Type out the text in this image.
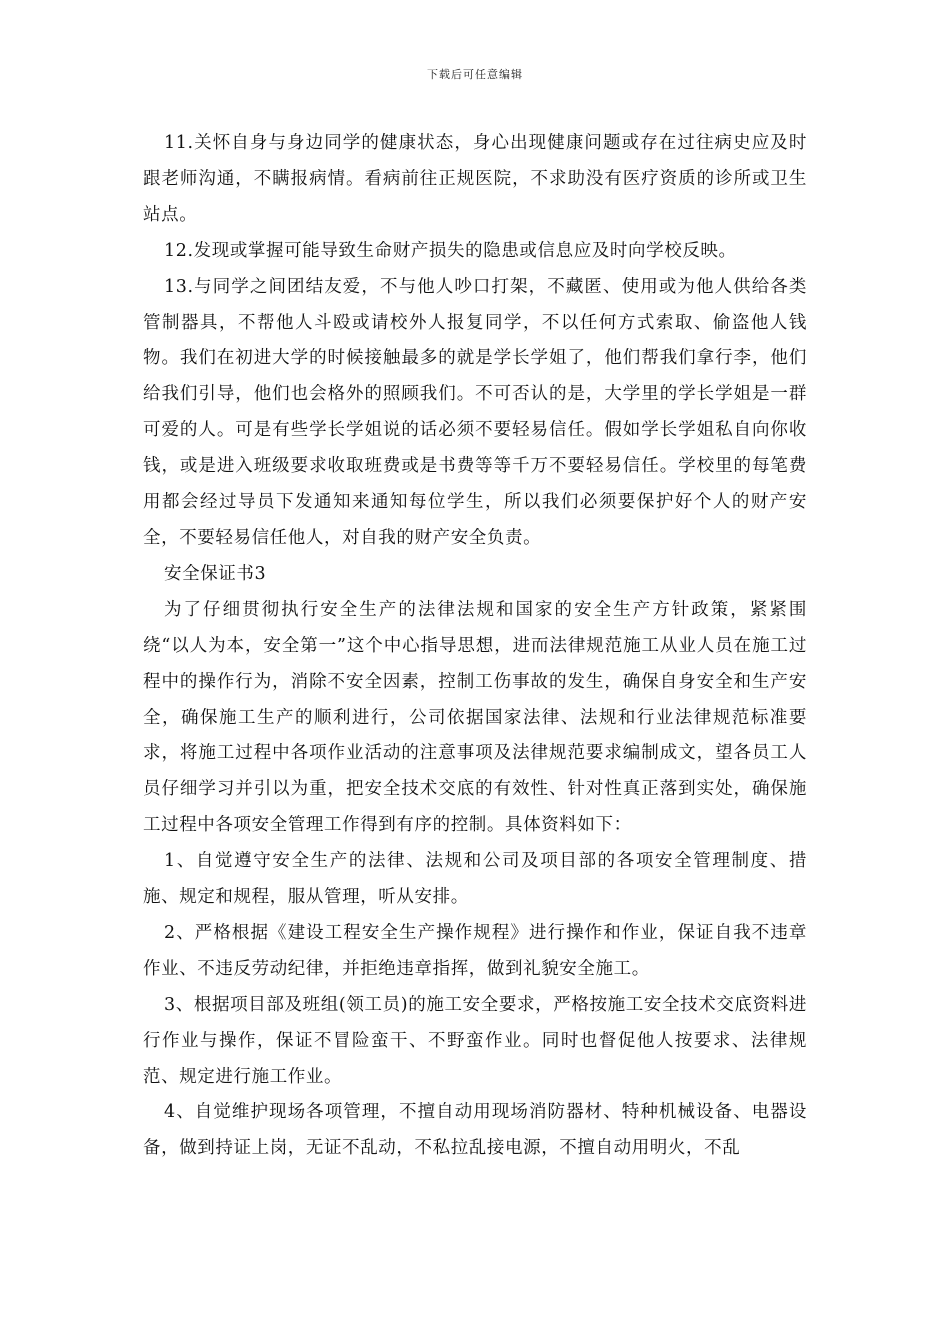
下载后可任意编辑

11.关怀自身与身边同学的健康状态，身心出现健康问题或存在过往病史应及时跟老师沟通，不瞒报病情。看病前往正规医院，不求助没有医疗资质的诊所或卫生站点。

12.发现或掌握可能导致生命财产损失的隐患或信息应及时向学校反映。

13.与同学之间团结友爱，不与他人吵口打架，不藏匿、使用或为他人供给各类管制器具，不帮他人斗殴或请校外人报复同学，不以任何方式索取、偷盗他人钱物。我们在初进大学的时候接触最多的就是学长学姐了，他们帮我们拿行李，他们给我们引导，他们也会格外的照顾我们。不可否认的是，大学里的学长学姐是一群可爱的人。可是有些学长学姐说的话必须不要轻易信任。假如学长学姐私自向你收钱，或是进入班级要求收取班费或是书费等等千万不要轻易信任。学校里的每笔费用都会经过导员下发通知来通知每位学生，所以我们必须要保护好个人的财产安全，不要轻易信任他人，对自我的财产安全负责。

安全保证书3

为了仔细贯彻执行安全生产的法律法规和国家的安全生产方针政策，紧紧围绕“以人为本，安全第一”这个中心指导思想，进而法律规范施工从业人员在施工过程中的操作行为，消除不安全因素，控制工伤事故的发生，确保自身安全和生产安全，确保施工生产的顺利进行，公司依据国家法律、法规和行业法律规范标准要求，将施工过程中各项作业活动的注意事项及法律规范要求编制成文，望各员工人员仔细学习并引以为重，把安全技术交底的有效性、针对性真正落到实处，确保施工过程中各项安全管理工作得到有序的控制。具体资料如下：

1、自觉遵守安全生产的法律、法规和公司及项目部的各项安全管理制度、措施、规定和规程，服从管理，听从安排。

2、严格根据《建设工程安全生产操作规程》进行操作和作业，保证自我不违章作业、不违反劳动纪律，并拒绝违章指挥，做到礼貌安全施工。

3、根据项目部及班组(领工员)的施工安全要求，严格按施工安全技术交底资料进行作业与操作，保证不冒险蛮干、不野蛮作业。同时也督促他人按要求、法律规范、规定进行施工作业。

4、自觉维护现场各项管理，不擅自动用现场消防器材、特种机械设备、电器设备，做到持证上岗，无证不乱动，不私拉乱接电源，不擅自动用明火，不乱
